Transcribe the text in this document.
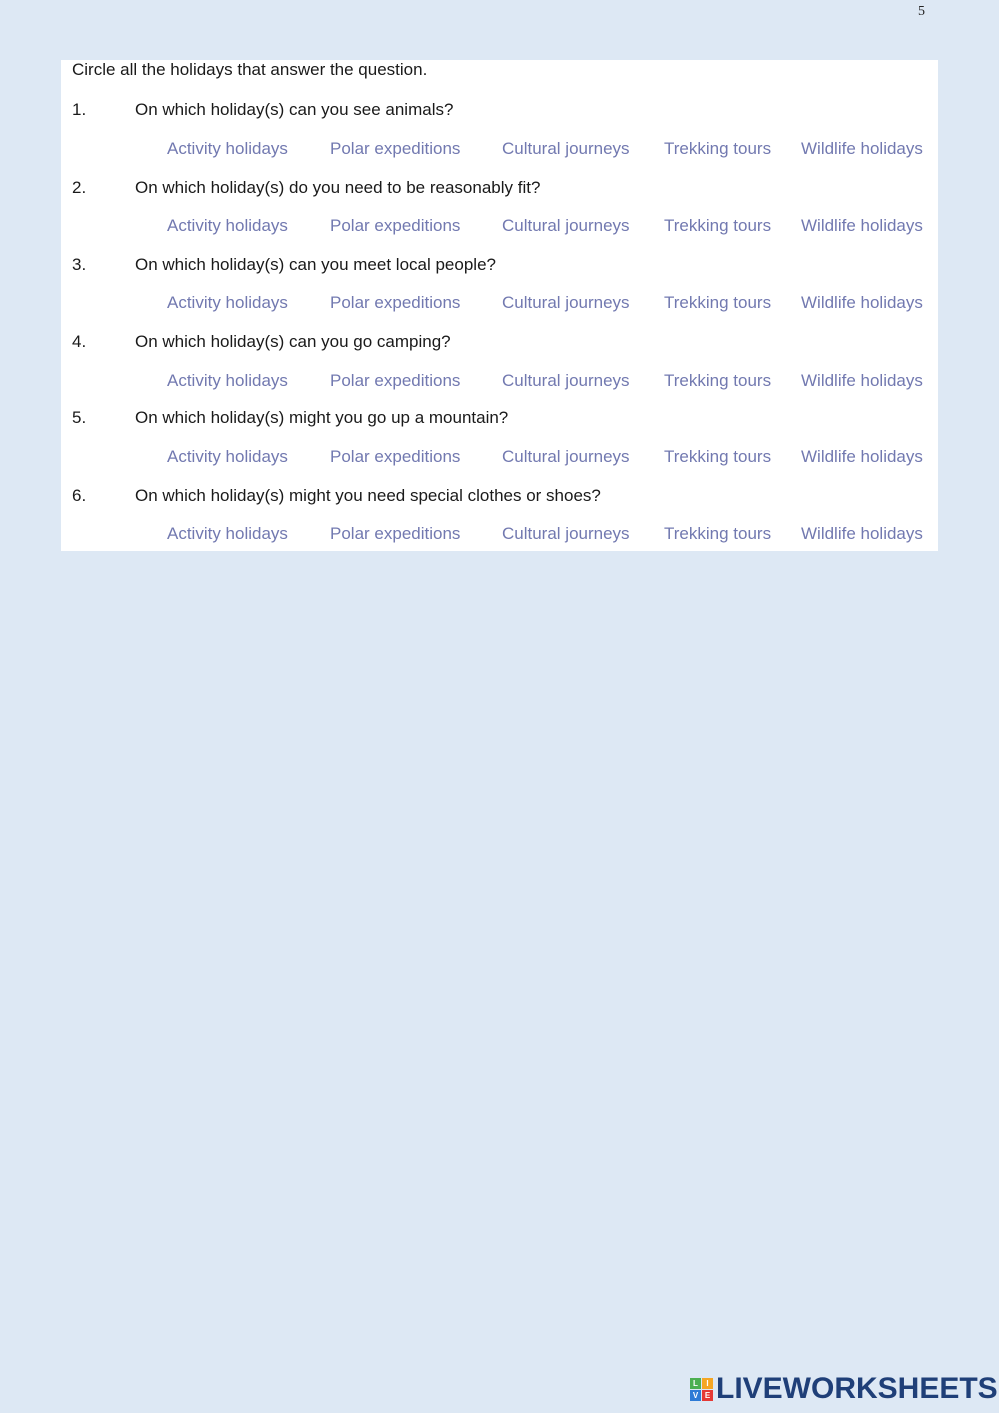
5
Circle all the holidays that answer the question.
1.	On which holiday(s) can you see animals?
Activity holidays Polar expeditions Cultural journeys Trekking tours Wildlife holidays
2.	On which holiday(s) do you need to be reasonably fit?
Activity holidays Polar expeditions Cultural journeys Trekking tours Wildlife holidays
3.	On which holiday(s) can you meet local people?
Activity holidays Polar expeditions Cultural journeys Trekking tours Wildlife holidays
4.	On which holiday(s) can you go camping?
Activity holidays Polar expeditions Cultural journeys Trekking tours Wildlife holidays
5.	On which holiday(s) might you go up a mountain?
Activity holidays Polar expeditions Cultural journeys Trekking tours Wildlife holidays
6.	On which holiday(s) might you need special clothes or shoes?
Activity holidays Polar expeditions Cultural journeys Trekking tours Wildlife holidays
L	I
V E LIVEWORKSHEETS
